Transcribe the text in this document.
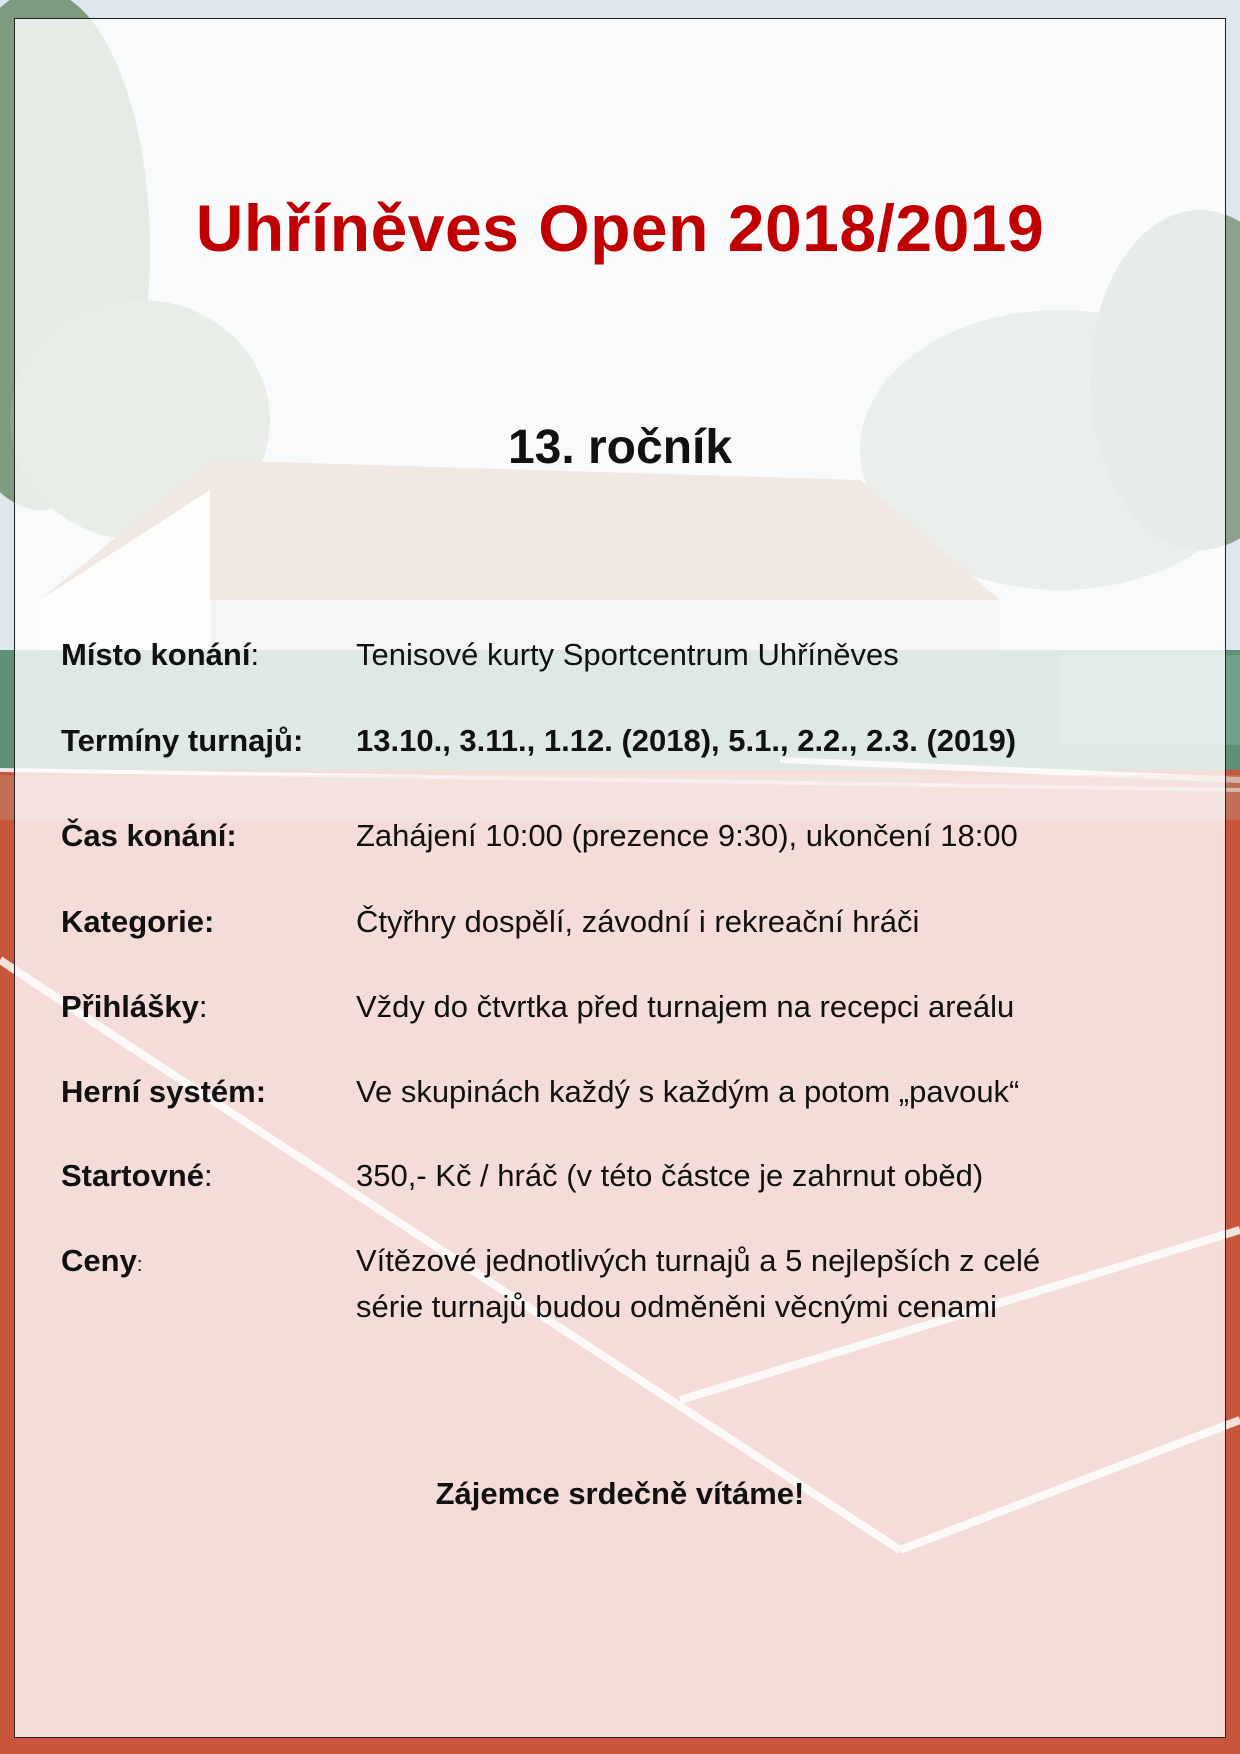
Uhříněves Open 2018/2019
13. ročník
Místo konání:	Tenisové kurty Sportcentrum Uhříněves
Termíny turnajů:	13.10., 3.11., 1.12. (2018), 5.1., 2.2., 2.3. (2019)
Čas konání:	Zahájení 10:00 (prezence 9:30), ukončení 18:00
Kategorie:	Čtyřhry dospělí, závodní i rekreační hráči
Přihlášky:	Vždy do čtvrtka před turnajem na recepci areálu
Herní systém:	Ve skupinách každý s každým a potom „pavouk“
Startovné:	350,- Kč / hráč (v této částce je zahrnut oběd)
Ceny:	Vítězové jednotlivých turnajů a 5 nejlepších z celé
série turnajů budou odměněni věcnými cenami
Zájemce srdečně vítáme!
